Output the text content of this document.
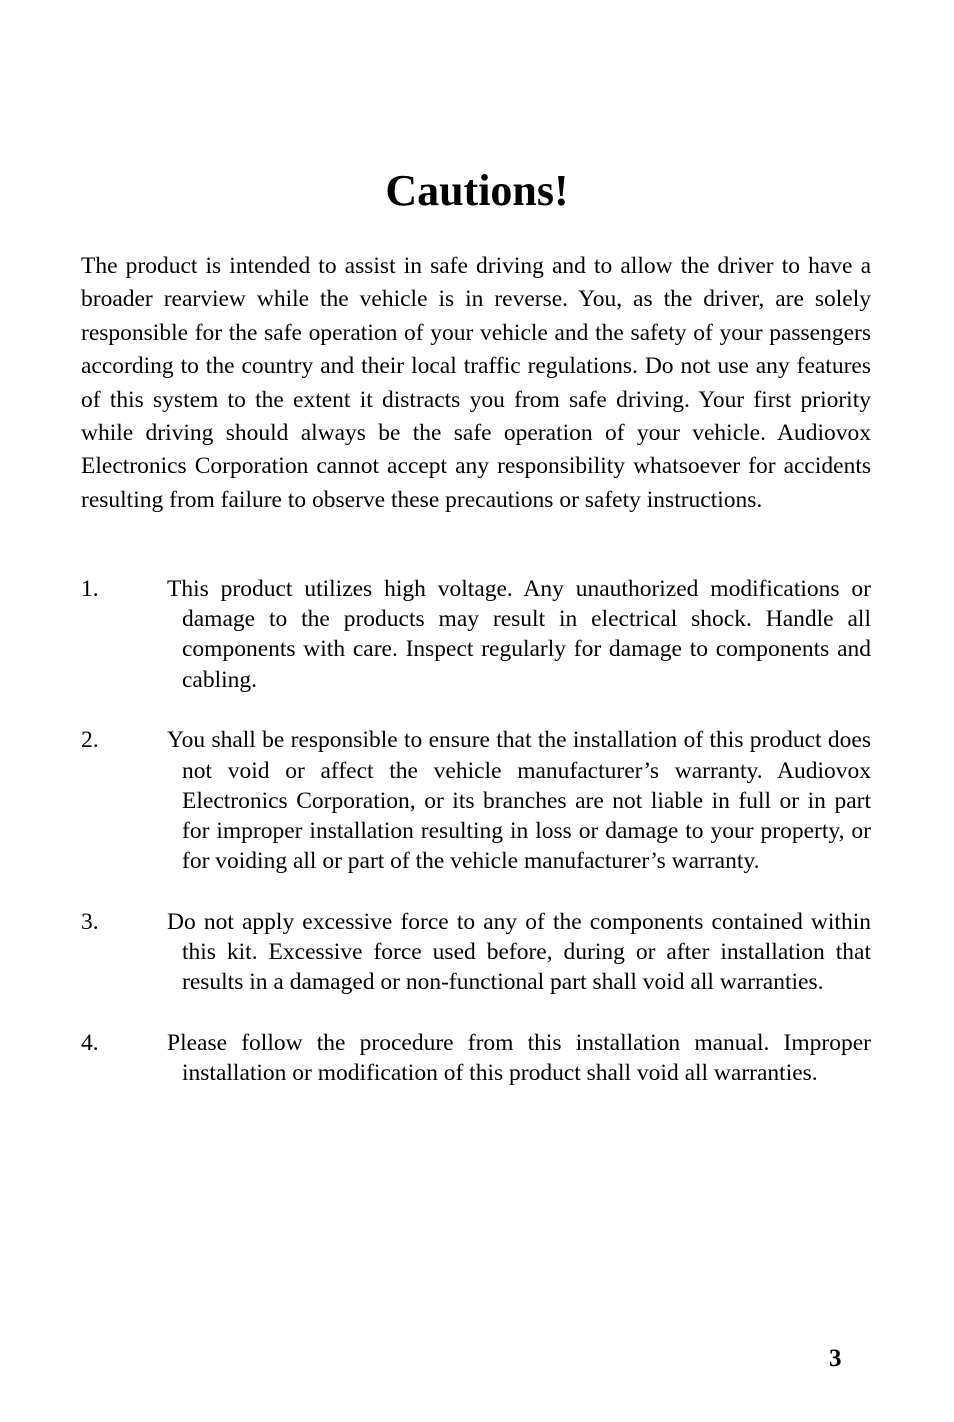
Cautions!

The product is intended to assist in safe driving and to allow the driver to have a broader rearview while the vehicle is in reverse. You, as the driver, are solely responsible for the safe operation of your vehicle and the safety of your passengers according to the country and their local traffic regulations. Do not use any features of this system to the extent it distracts you from safe driving. Your first priority while driving should always be the safe operation of your vehicle. Audiovox Electronics Corporation cannot accept any responsibility whatsoever for accidents resulting from failure to observe these precautions or safety instructions.

1.	This product utilizes high voltage. Any unauthorized modifications or damage to the products may result in electrical shock. Handle all components with care. Inspect regularly for damage to components and cabling.
2.	You shall be responsible to ensure that the installation of this product does not void or affect the vehicle manufacturer’s warranty. Audiovox Electronics Corporation, or its branches are not liable in full or in part for improper installation resulting in loss or damage to your property, or for voiding all or part of the vehicle manufacturer’s warranty.
3.	Do not apply excessive force to any of the components contained within this kit. Excessive force used before, during or after installation that results in a damaged or non-functional part shall void all warranties.
4.	Please follow the procedure from this installation manual. Improper installation or modification of this product shall void all warranties.
3
